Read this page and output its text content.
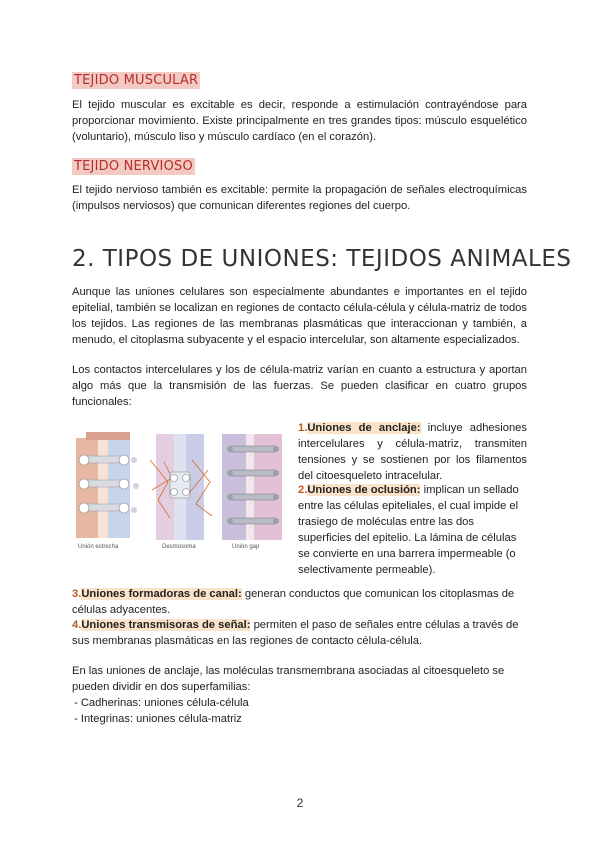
TEJIDO MUSCULAR

El tejido muscular es excitable es decir, responde a estimulación contrayéndose para proporcionar movimiento. Existe principalmente en tres grandes tipos: músculo esquelético (voluntario), músculo liso y músculo cardíaco (en el corazón).

TEJIDO NERVIOSO

El tejido nervioso también es excitable: permite la propagación de señales electroquímicas (impulsos nerviosos) que comunican diferentes regiones del cuerpo.

2. TIPOS DE UNIONES: TEJIDOS ANIMALES

Aunque las uniones celulares son especialmente abundantes e importantes en el tejido epitelial, también se localizan en regiones de contacto célula-célula y célula-matriz de todos los tejidos. Las regiones de las membranas plasmáticas que interaccionan y también, a menudo, el citoplasma subyacente y el espacio intercelular, son altamente especializados.

Los contactos intercelulares y los de célula-matriz varían en cuanto a estructura y aportan algo más que la transmisión de las fuerzas. Se pueden clasificar en cuatro grupos funcionales:

Unión estrecha	Desmosoma	Unión gap

1.Uniones de anclaje: incluye adhesiones intercelulares y célula-matriz, transmiten tensiones y se sostienen por los filamentos del citoesqueleto intracelular.

2.Uniones de oclusión: implican un sellado entre las células epiteliales, el cual impide el trasiego de moléculas entre las dos superficies del epitelio. La lámina de células se convierte en una barrera impermeable (o selectivamente permeable).

3.Uniones formadoras de canal: generan conductos que comunican los citoplasmas de células adyacentes.

4.Uniones transmisoras de señal: permiten el paso de señales entre células a través de sus membranas plasmáticas en las regiones de contacto célula-célula.

En las uniones de anclaje, las moléculas transmembrana asociadas al citoesqueleto se pueden dividir en dos superfamilias:

- Cadherinas: uniones célula-célula
- Integrinas: uniones célula-matriz
2
